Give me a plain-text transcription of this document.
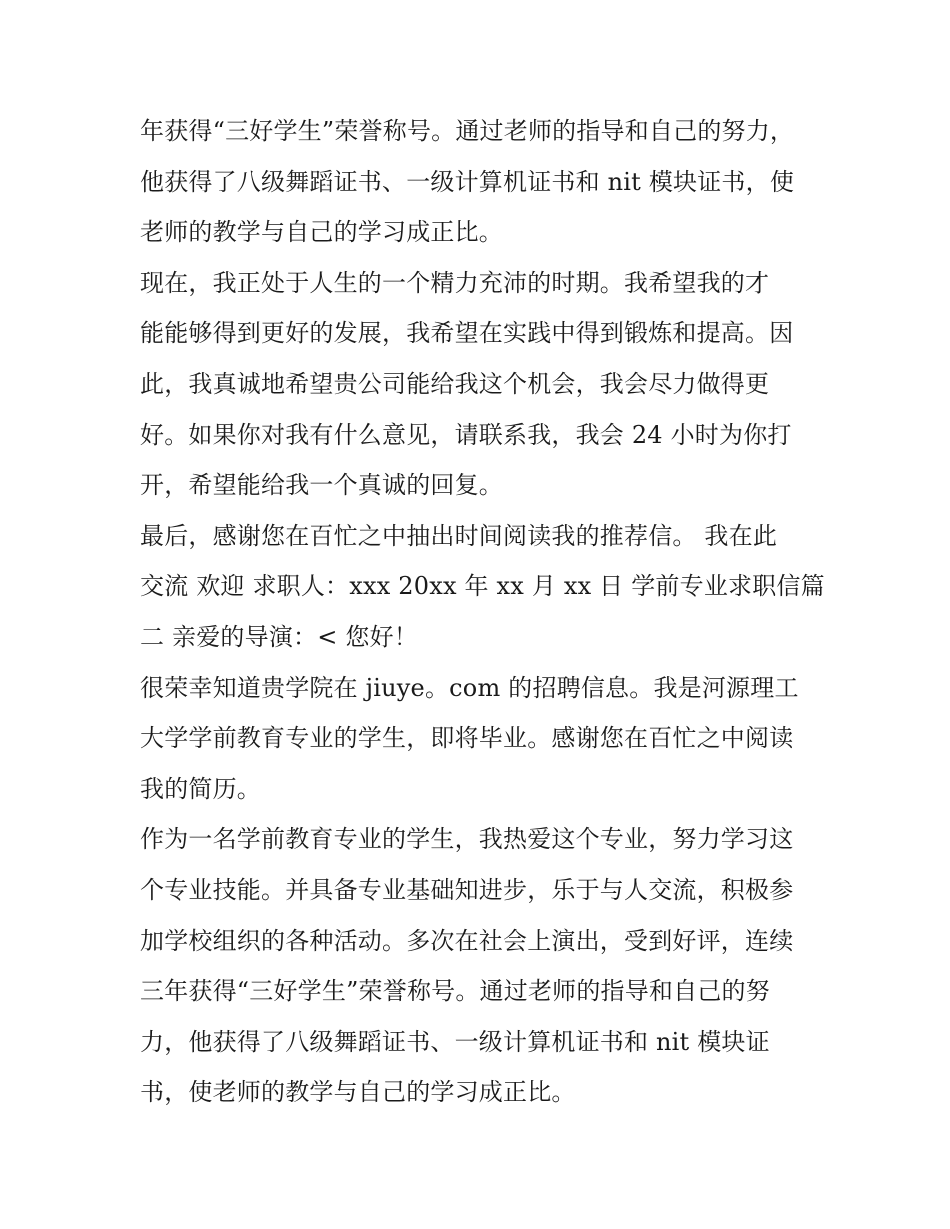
年获得“三好学生”荣誉称号。通过老师的指导和自己的努力，
他获得了八级舞蹈证书、一级计算机证书和 nit 模块证书，使
老师的教学与自己的学习成正比。
现在，我正处于人生的一个精力充沛的时期。我希望我的才
能能够得到更好的发展，我希望在实践中得到锻炼和提高。因
此，我真诚地希望贵公司能给我这个机会，我会尽力做得更
好。如果你对我有什么意见，请联系我，我会 24 小时为你打
开，希望能给我一个真诚的回复。
最后，感谢您在百忙之中抽出时间阅读我的推荐信。 我在此
交流 欢迎 求职人：xxx 20xx 年 xx 月 xx 日 学前专业求职信篇
二 亲爱的导演：< 您好！
很荣幸知道贵学院在 jiuye。com 的招聘信息。我是河源理工
大学学前教育专业的学生，即将毕业。感谢您在百忙之中阅读
我的简历。
作为一名学前教育专业的学生，我热爱这个专业，努力学习这
个专业技能。并具备专业基础知进步，乐于与人交流，积极参
加学校组织的各种活动。多次在社会上演出，受到好评，连续
三年获得“三好学生”荣誉称号。通过老师的指导和自己的努
力，他获得了八级舞蹈证书、一级计算机证书和 nit 模块证
书，使老师的教学与自己的学习成正比。
